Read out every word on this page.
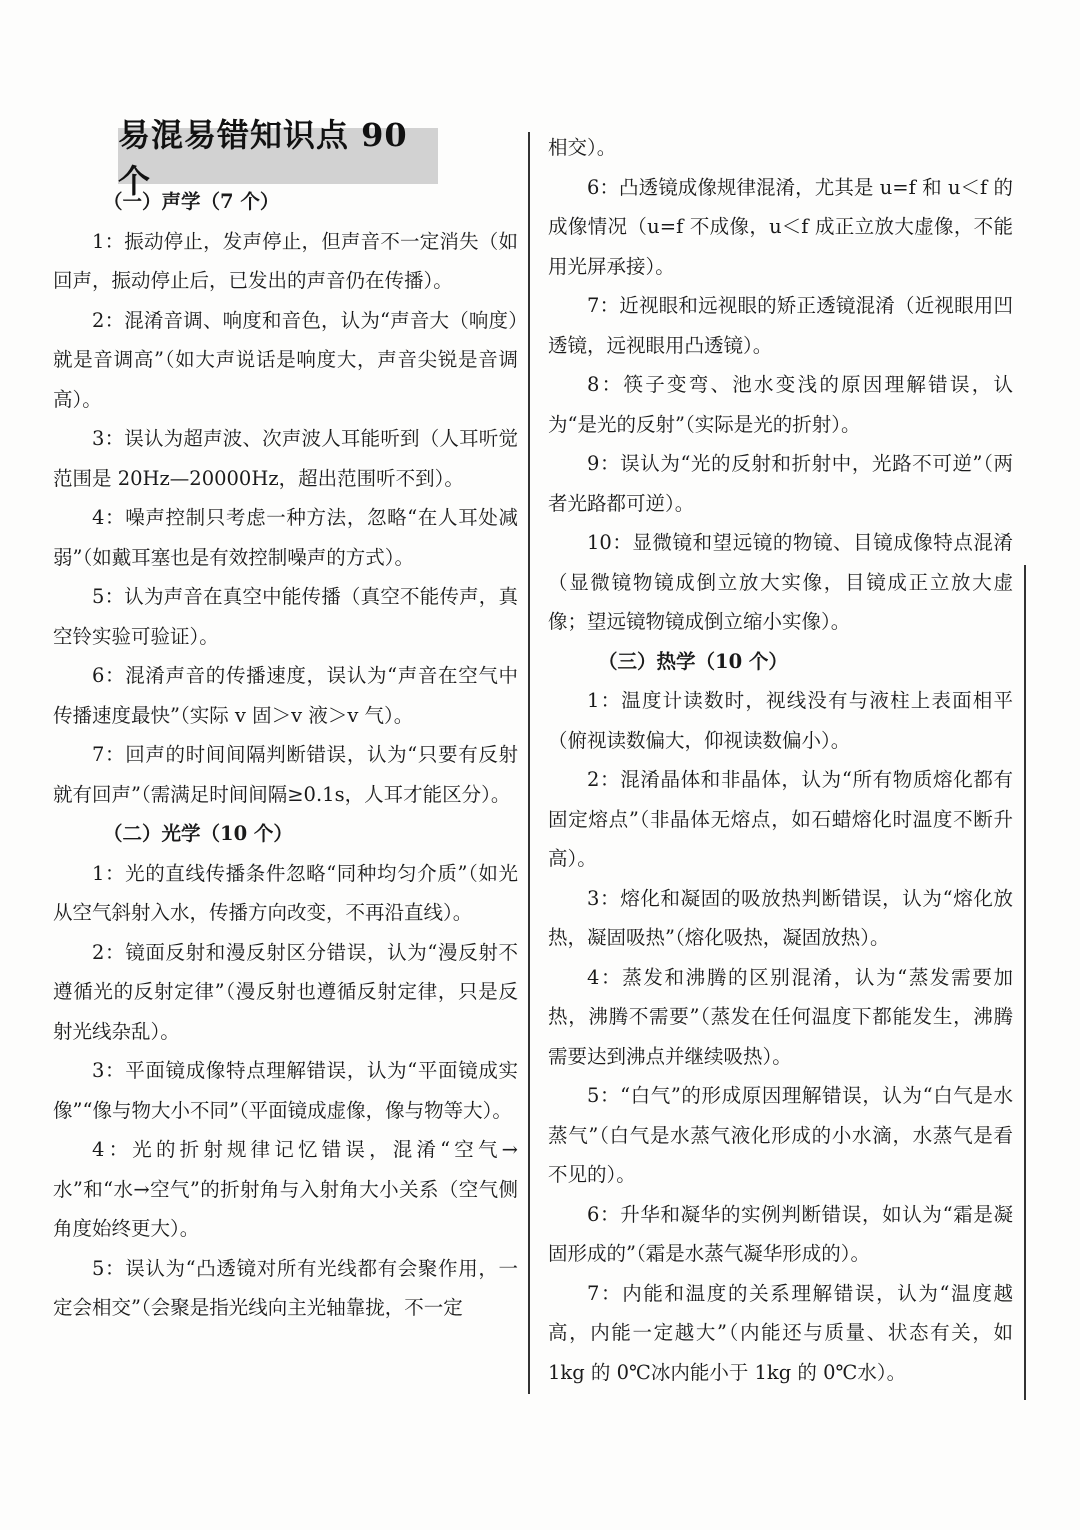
易混易错知识点 90 个
（一）声学（7 个）
1：振动停止，发声停止，但声音不一定消失（如回声，振动停止后，已发出的声音仍在传播）。
2：混淆音调、响度和音色，认为“声音大（响度）就是音调高”（如大声说话是响度大，声音尖锐是音调高）。
3：误认为超声波、次声波人耳能听到（人耳听觉范围是 20Hz—20000Hz，超出范围听不到）。
4：噪声控制只考虑一种方法，忽略“在人耳处减弱”（如戴耳塞也是有效控制噪声的方式）。
5：认为声音在真空中能传播（真空不能传声，真空铃实验可验证）。
6：混淆声音的传播速度，误认为“声音在空气中传播速度最快”（实际 v 固＞v 液＞v 气）。
7：回声的时间间隔判断错误，认为“只要有反射就有回声”（需满足时间间隔≥0.1s，人耳才能区分）。
（二）光学（10 个）
1：光的直线传播条件忽略“同种均匀介质”（如光从空气斜射入水，传播方向改变，不再沿直线）。
2：镜面反射和漫反射区分错误，认为“漫反射不遵循光的反射定律”（漫反射也遵循反射定律，只是反射光线杂乱）。
3：平面镜成像特点理解错误，认为“平面镜成实像”“像与物大小不同”（平面镜成虚像，像与物等大）。
4：光的折射规律记忆错误，混淆“空气→水”和“水→空气”的折射角与入射角大小关系（空气侧角度始终更大）。
5：误认为“凸透镜对所有光线都有会聚作用，一定会相交”（会聚是指光线向主光轴靠拢，不一定
相交）。
6：凸透镜成像规律混淆，尤其是 u=f 和 u＜f 的成像情况（u=f 不成像，u＜f 成正立放大虚像，不能用光屏承接）。
7：近视眼和远视眼的矫正透镜混淆（近视眼用凹透镜，远视眼用凸透镜）。
8：筷子变弯、池水变浅的原因理解错误，认为“是光的反射”（实际是光的折射）。
9：误认为“光的反射和折射中，光路不可逆”（两者光路都可逆）。
10：显微镜和望远镜的物镜、目镜成像特点混淆（显微镜物镜成倒立放大实像，目镜成正立放大虚像；望远镜物镜成倒立缩小实像）。
（三）热学（10 个）
1：温度计读数时，视线没有与液柱上表面相平（俯视读数偏大，仰视读数偏小）。
2：混淆晶体和非晶体，认为“所有物质熔化都有固定熔点”（非晶体无熔点，如石蜡熔化时温度不断升高）。
3：熔化和凝固的吸放热判断错误，认为“熔化放热，凝固吸热”（熔化吸热，凝固放热）。
4：蒸发和沸腾的区别混淆，认为“蒸发需要加热，沸腾不需要”（蒸发在任何温度下都能发生，沸腾需要达到沸点并继续吸热）。
5：“白气”的形成原因理解错误，认为“白气是水蒸气”（白气是水蒸气液化形成的小水滴，水蒸气是看不见的）。
6：升华和凝华的实例判断错误，如认为“霜是凝固形成的”（霜是水蒸气凝华形成的）。
7：内能和温度的关系理解错误，认为“温度越高，内能一定越大”（内能还与质量、状态有关，如 1kg 的 0℃冰内能小于 1kg 的 0℃水）。
